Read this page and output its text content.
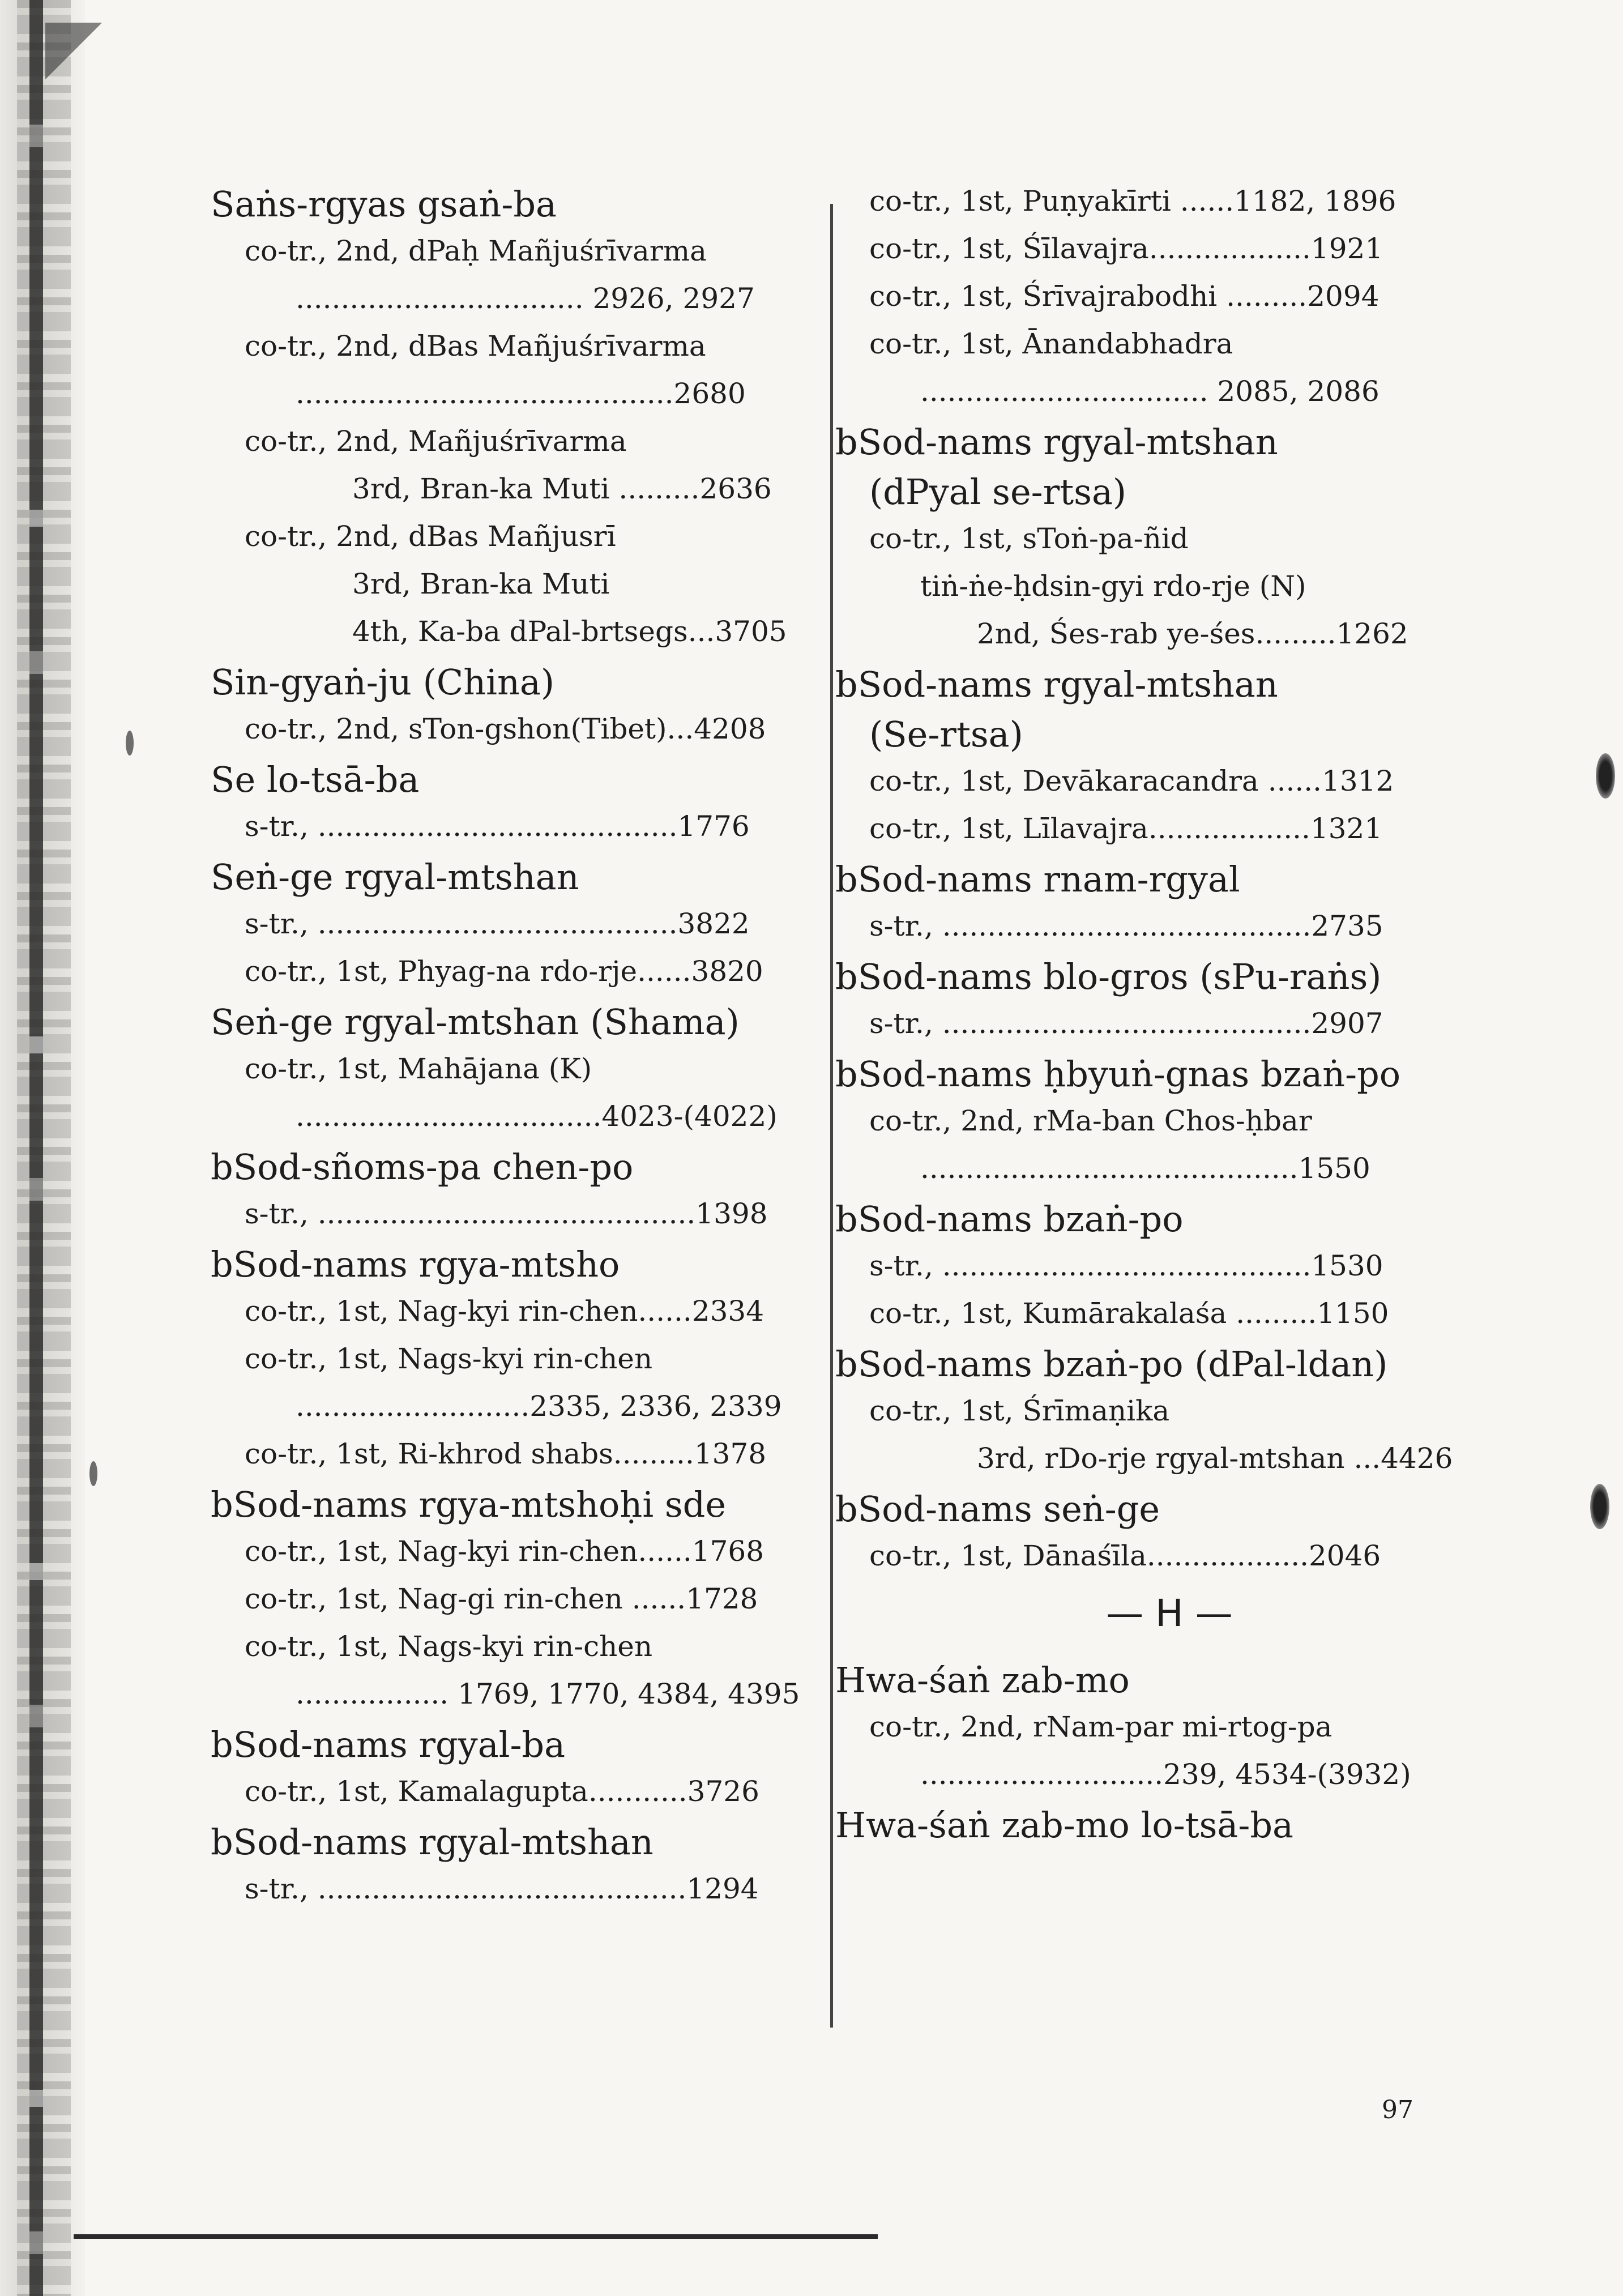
Saṅs-rgyas gsaṅ-ba
co-tr., 2nd, dPaḥ Mañjuśrīvarma
................................ 2926, 2927
co-tr., 2nd, dBas Mañjuśrīvarma
..........................................2680
co-tr., 2nd, Mañjuśrīvarma
3rd, Bran-ka Muti .........2636
co-tr., 2nd, dBas Mañjusrī
3rd, Bran-ka Muti
4th, Ka-ba dPal-brtsegs...3705
Sin-gyaṅ-ju (China)
co-tr., 2nd, sTon-gshon(Tibet)...4208
Se lo-tsā-ba
s-tr., ........................................1776
Seṅ-ge rgyal-mtshan
s-tr., ........................................3822
co-tr., 1st, Phyag-na rdo-rje......3820
Seṅ-ge rgyal-mtshan (Shama)
co-tr., 1st, Mahājana (K)
..................................4023-(4022)
bSod-sñoms-pa chen-po
s-tr., ..........................................1398
bSod-nams rgya-mtsho
co-tr., 1st, Nag-kyi rin-chen......2334
co-tr., 1st, Nags-kyi rin-chen
..........................2335, 2336, 2339
co-tr., 1st, Ri-khrod shabs.........1378
bSod-nams rgya-mtshoḥi sde
co-tr., 1st, Nag-kyi rin-chen......1768
co-tr., 1st, Nag-gi rin-chen ......1728
co-tr., 1st, Nags-kyi rin-chen
................. 1769, 1770, 4384, 4395
bSod-nams rgyal-ba
co-tr., 1st, Kamalagupta...........3726
bSod-nams rgyal-mtshan
s-tr., .........................................1294
co-tr., 1st, Puṇyakīrti ......1182, 1896
co-tr., 1st, Śīlavajra..................1921
co-tr., 1st, Śrīvajrabodhi .........2094
co-tr., 1st, Ānandabhadra
................................ 2085, 2086
bSod-nams rgyal-mtshan
(dPyal se-rtsa)
co-tr., 1st, sToṅ-pa-ñid
tiṅ-ṅe-ḥdsin-gyi rdo-rje (N)
2nd, Śes-rab ye-śes.........1262
bSod-nams rgyal-mtshan
(Se-rtsa)
co-tr., 1st, Devākaracandra ......1312
co-tr., 1st, Līlavajra..................1321
bSod-nams rnam-rgyal
s-tr., .........................................2735
bSod-nams blo-gros (sPu-raṅs)
s-tr., .........................................2907
bSod-nams ḥbyuṅ-gnas bzaṅ-po
co-tr., 2nd, rMa-ban Chos-ḥbar
..........................................1550
bSod-nams bzaṅ-po
s-tr., .........................................1530
co-tr., 1st, Kumārakalaśa .........1150
bSod-nams bzaṅ-po (dPal-ldan)
co-tr., 1st, Śrīmaṇika
3rd, rDo-rje rgyal-mtshan ...4426
bSod-nams seṅ-ge
co-tr., 1st, Dānaśīla..................2046
— H —
Hwa-śaṅ zab-mo
co-tr., 2nd, rNam-par mi-rtog-pa
...........................239, 4534-(3932)
Hwa-śaṅ zab-mo lo-tsā-ba
97
